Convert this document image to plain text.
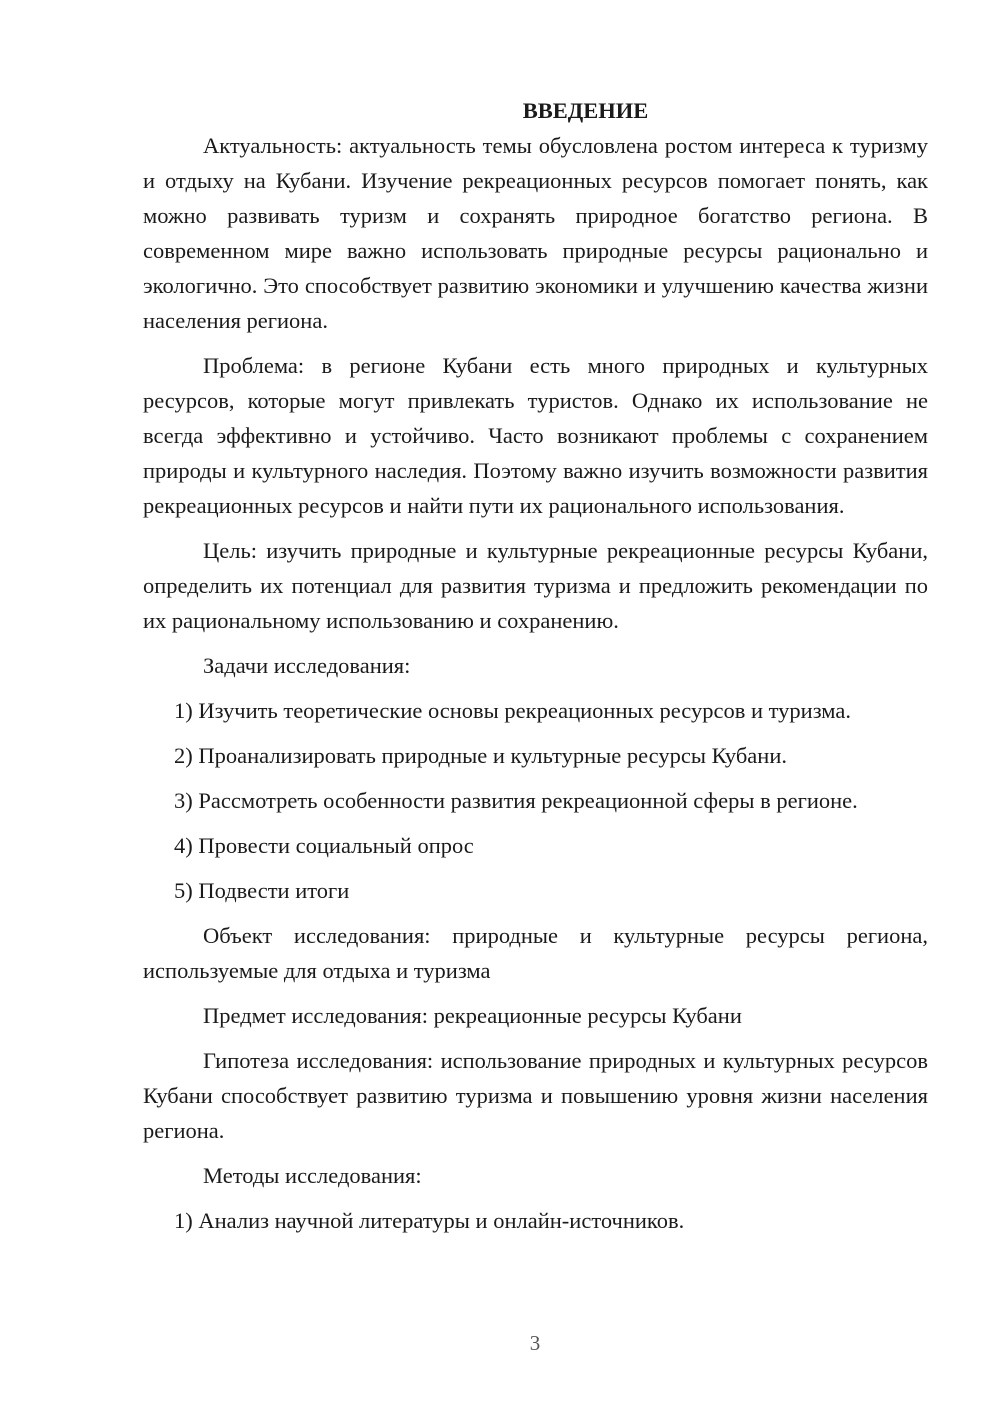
ВВЕДЕНИЕ

Актуальность: актуальность темы обусловлена ростом интереса к туризму и отдыху на Кубани. Изучение рекреационных ресурсов помогает понять, как можно развивать туризм и сохранять природное богатство региона. В современном мире важно использовать природные ресурсы рационально и экологично. Это способствует развитию экономики и улучшению качества жизни населения региона.

Проблема: в регионе Кубани есть много природных и культурных ресурсов, которые могут привлекать туристов. Однако их использование не всегда эффективно и устойчиво. Часто возникают проблемы с сохранением природы и культурного наследия. Поэтому важно изучить возможности развития рекреационных ресурсов и найти пути их рационального использования.

Цель: изучить природные и культурные рекреационные ресурсы Кубани, определить их потенциал для развития туризма и предложить рекомендации по их рациональному использованию и сохранению.

Задачи исследования:

1) Изучить теоретические основы рекреационных ресурсов и туризма.

2) Проанализировать природные и культурные ресурсы Кубани.

3) Рассмотреть особенности развития рекреационной сферы в регионе.

4) Провести социальный опрос

5) Подвести итоги

Объект исследования: природные и культурные ресурсы региона, используемые для отдыха и туризма

Предмет исследования: рекреационные ресурсы Кубани

Гипотеза исследования: использование природных и культурных ресурсов Кубани способствует развитию туризма и повышению уровня жизни населения региона.

Методы исследования:

1) Анализ научной литературы и онлайн-источников.

3
